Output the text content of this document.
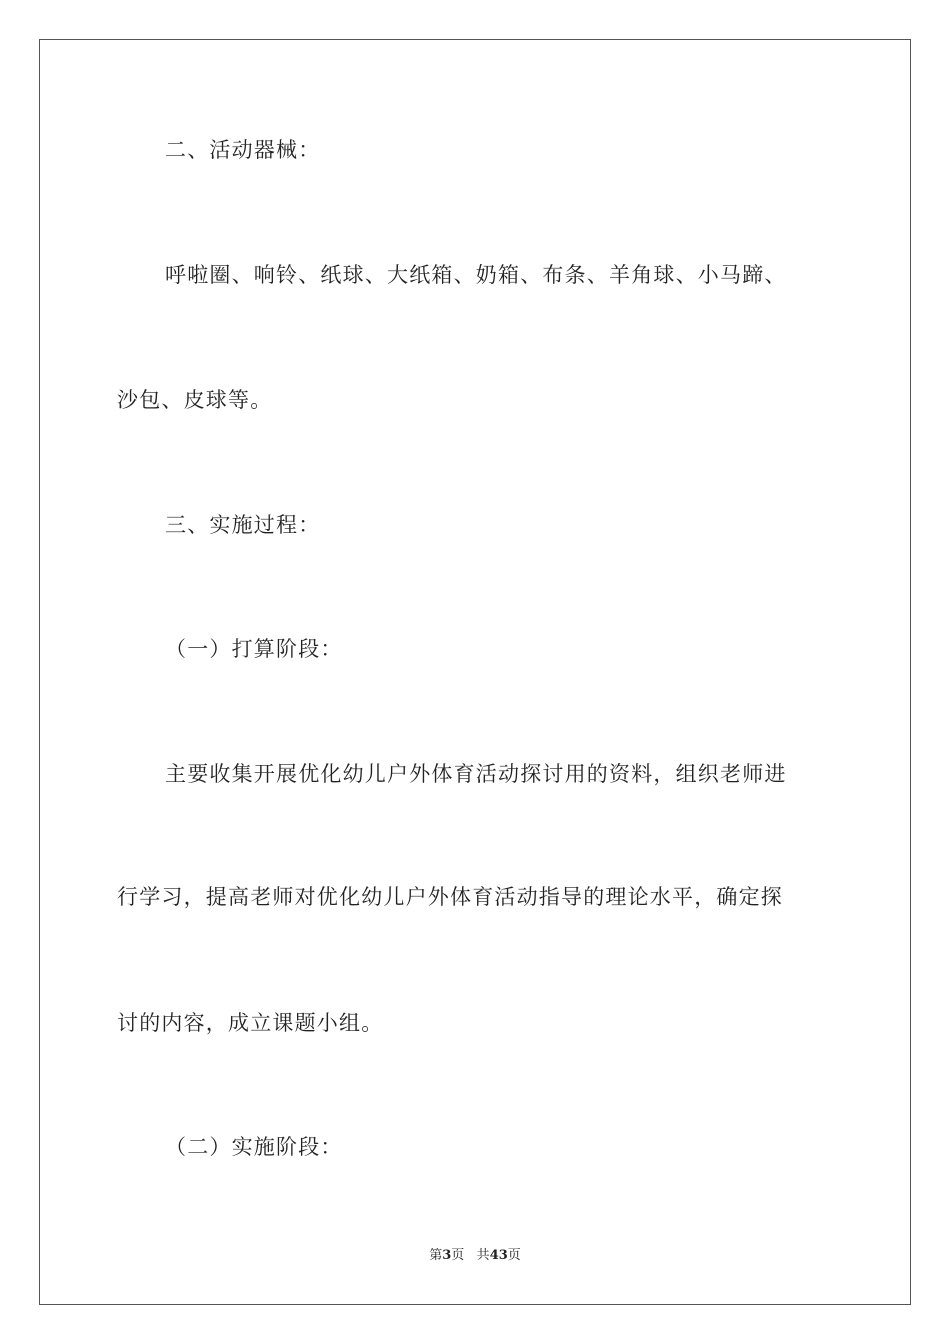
二、活动器械：
呼啦圈、响铃、纸球、大纸箱、奶箱、布条、羊角球、小马蹄、
沙包、皮球等。
三、实施过程：
（一）打算阶段：
主要收集开展优化幼儿户外体育活动探讨用的资料，组织老师进
行学习，提高老师对优化幼儿户外体育活动指导的理论水平，确定探
讨的内容，成立课题小组。
（二）实施阶段：
第3页 共43页
